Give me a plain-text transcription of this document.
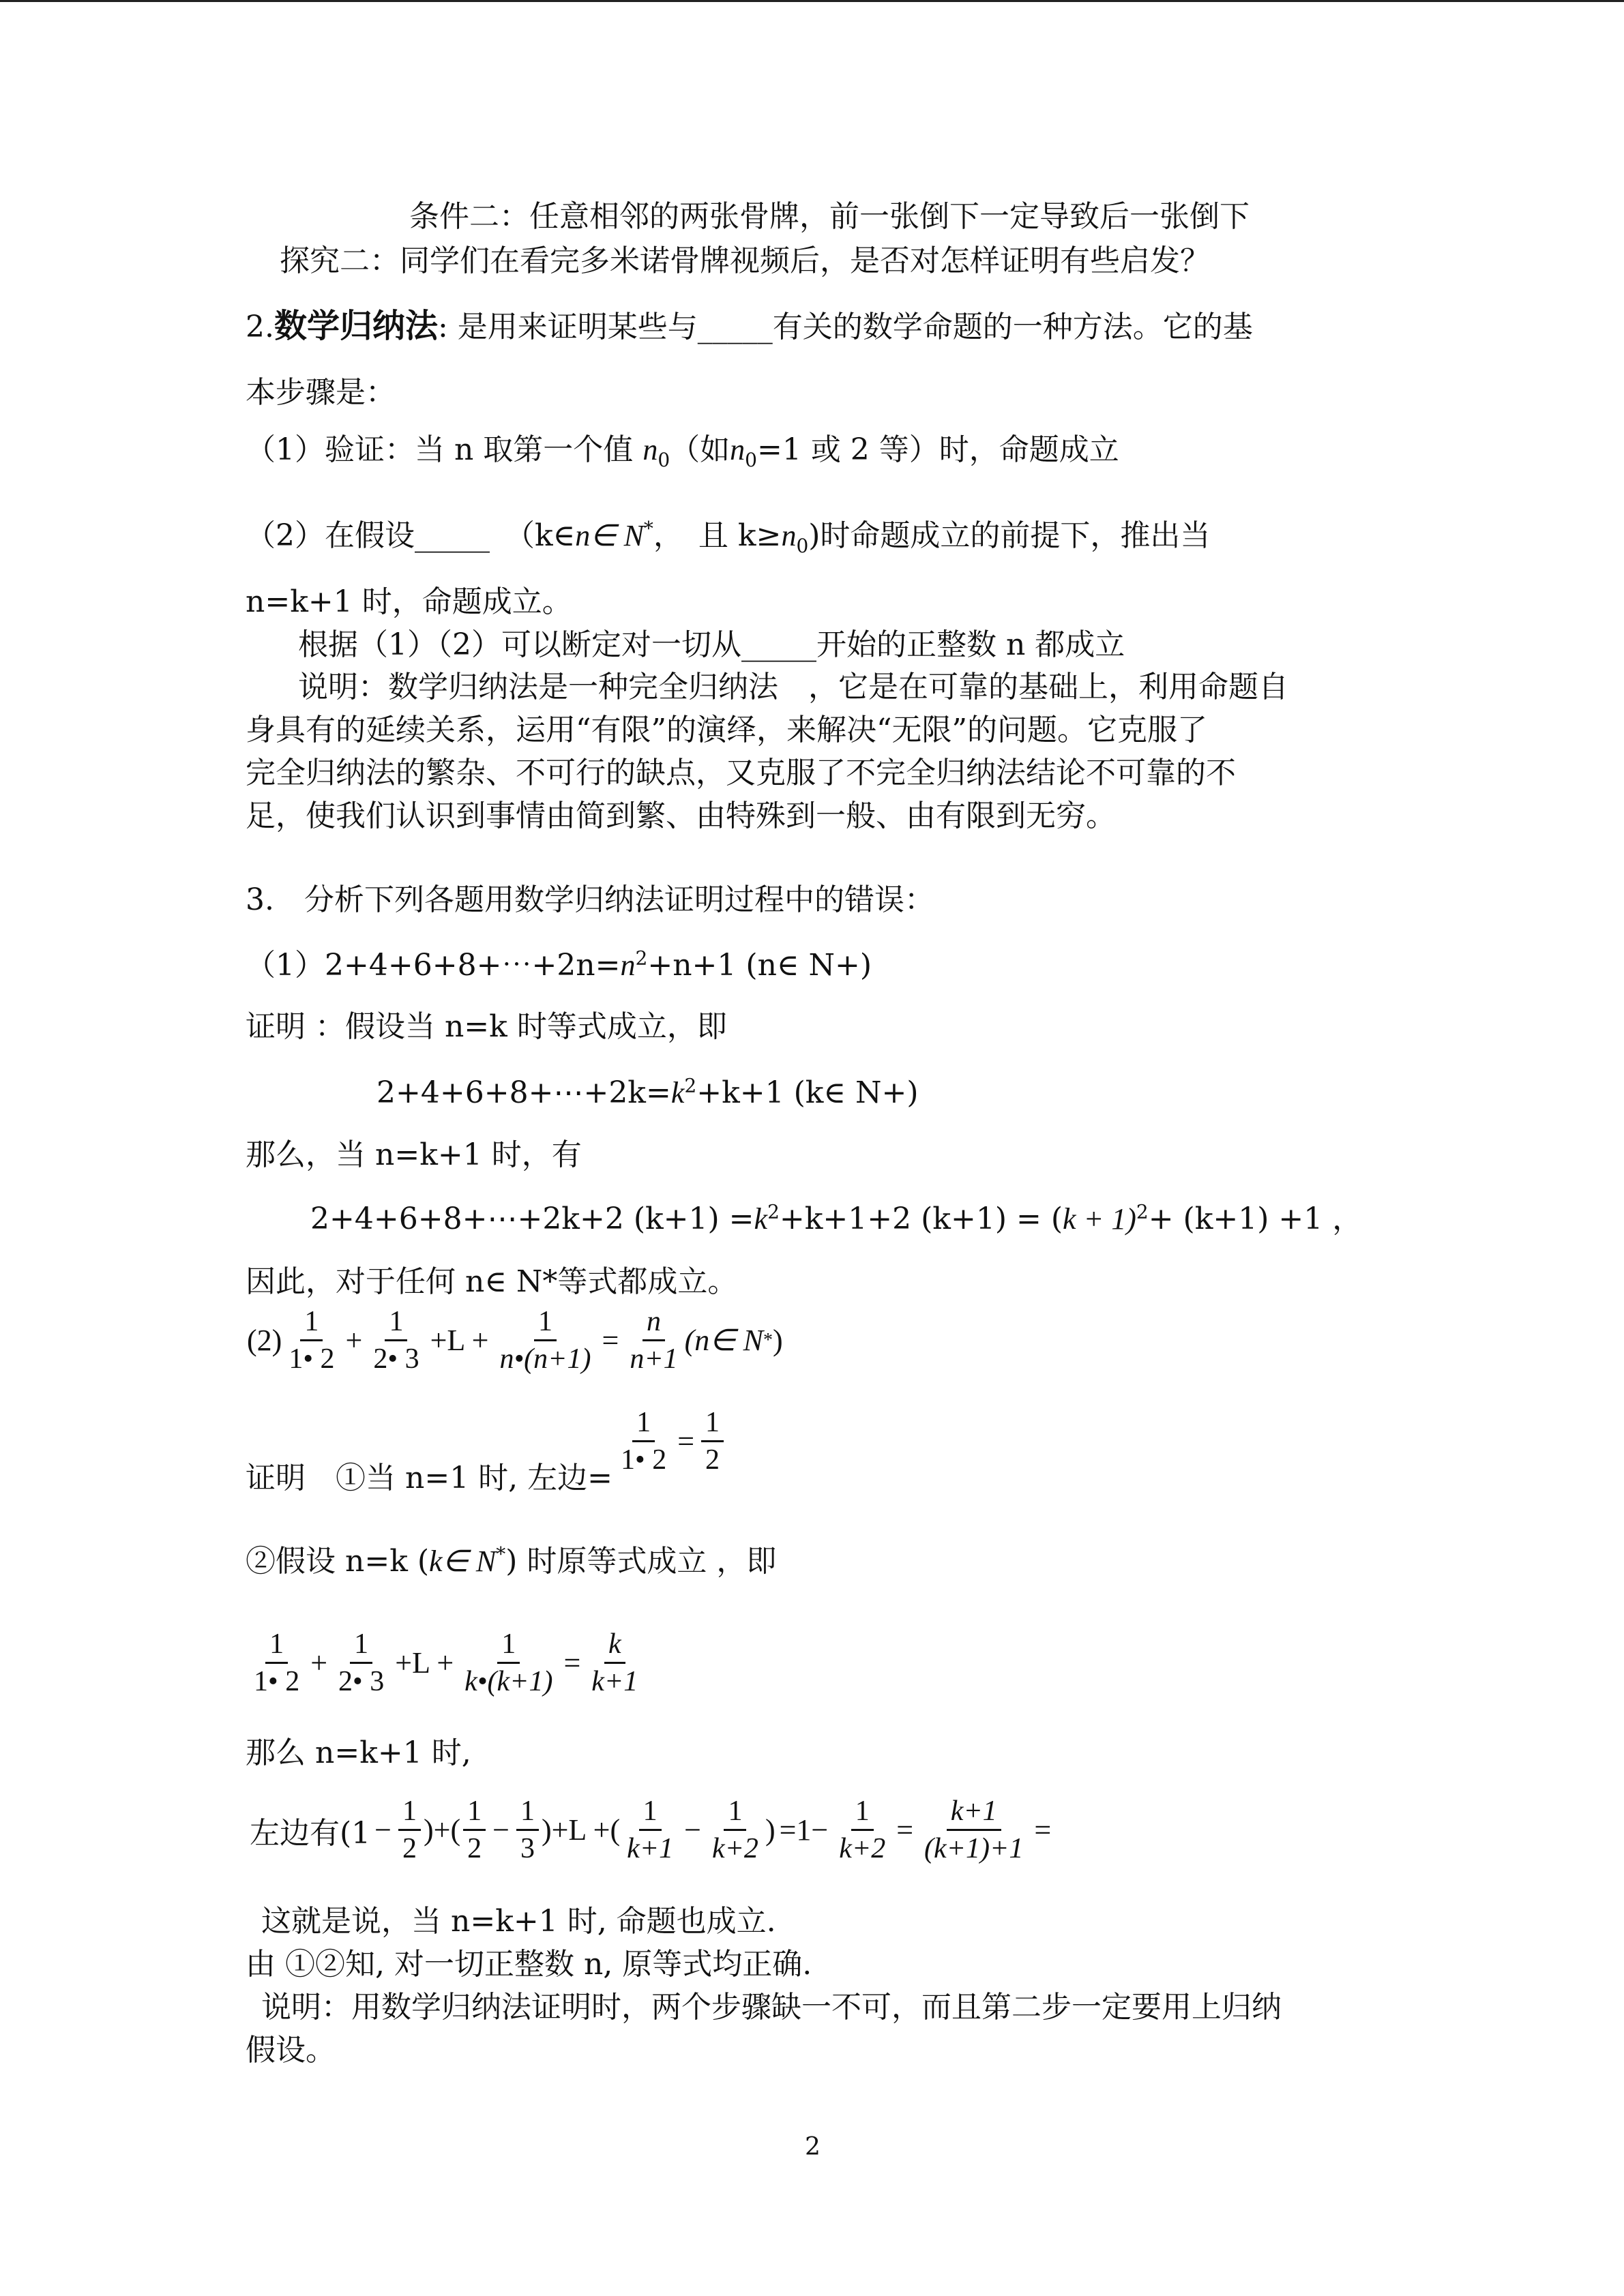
条件二：任意相邻的两张骨牌，前一张倒下一定导致后一张倒下
探究二：同学们在看完多米诺骨牌视频后，是否对怎样证明有些启发？
2.数学归纳法: 是用来证明某些与_____有关的数学命题的一种方法。它的基
本步骤是：
（1）验证：当 n 取第一个值 $n_0$（如$n_0=1$ 或 2 等）时，命题成立
（2）在假设_____　（k∈n∈ N*，　且 $k\ge n_0$)时命题成立的前提下，推出当
n=k+1 时，命题成立。
根据（1）（2）可以断定对一切从_____开始的正整数 n 都成立
说明：数学归纳法是一种完全归纳法　，它是在可靠的基础上，利用命题自
身具有的延续关系，运用“有限”的演绎，来解决“无限”的问题。它克服了
完全归纳法的繁杂、不可行的缺点，又克服了不完全归纳法结论不可靠的不
足，使我们认识到事情由简到繁、由特殊到一般、由有限到无穷。
3.　分析下列各题用数学归纳法证明过程中的错误：
$(1)2+4+6+8+\cdots+2n=n^2+n+1$ (n∈ N+)
证明 ：假设当 n=k 时等式成立，即
$2+4+6+8+\cdots+2k=k^2+k+1$ (k∈ N+)
那么，当 n=k+1 时，有
2+4+6+8+⋯+2k+2 $(k+1) =k^2+k+1+2$ $(k+1) = (k + 1)^2+ (k+1) +1$ ，
因此，对于任何 n∈ N*等式都成立。
$(2) \frac{1}{1• 2} + \frac{1}{2• 3} +L + \frac{1}{n•(n+1)} = \frac{n}{n+1}$ (n∈ N * )
证明　①当 n=1 时, 左边=
$\frac{1}{1• 2} = \frac{1}{2}$
②假设 n=k (k∈ N*) 时原等式成立 ，即
$\frac{1}{1• 2} + \frac{1}{2• 3} +L + \frac{1}{k•(k+1)} = \frac{k}{k+1}$
那么 n=k+1 时,
左边有($1 - \frac{1}{2}$ )+( $\frac{1}{2} - \frac{1}{3} )+L$ +( $\frac{1}{k+1} - \frac{1}{k+2}$ ) $=1- \frac{1}{k+2} = \frac{k+1}{(k+1)+1}$ =
这就是说，当 n=k+1 时, 命题也成立.
由 ①②知, 对一切正整数 n, 原等式均正确.
说明：用数学归纳法证明时，两个步骤缺一不可，而且第二步一定要用上归纳
假设。
2
